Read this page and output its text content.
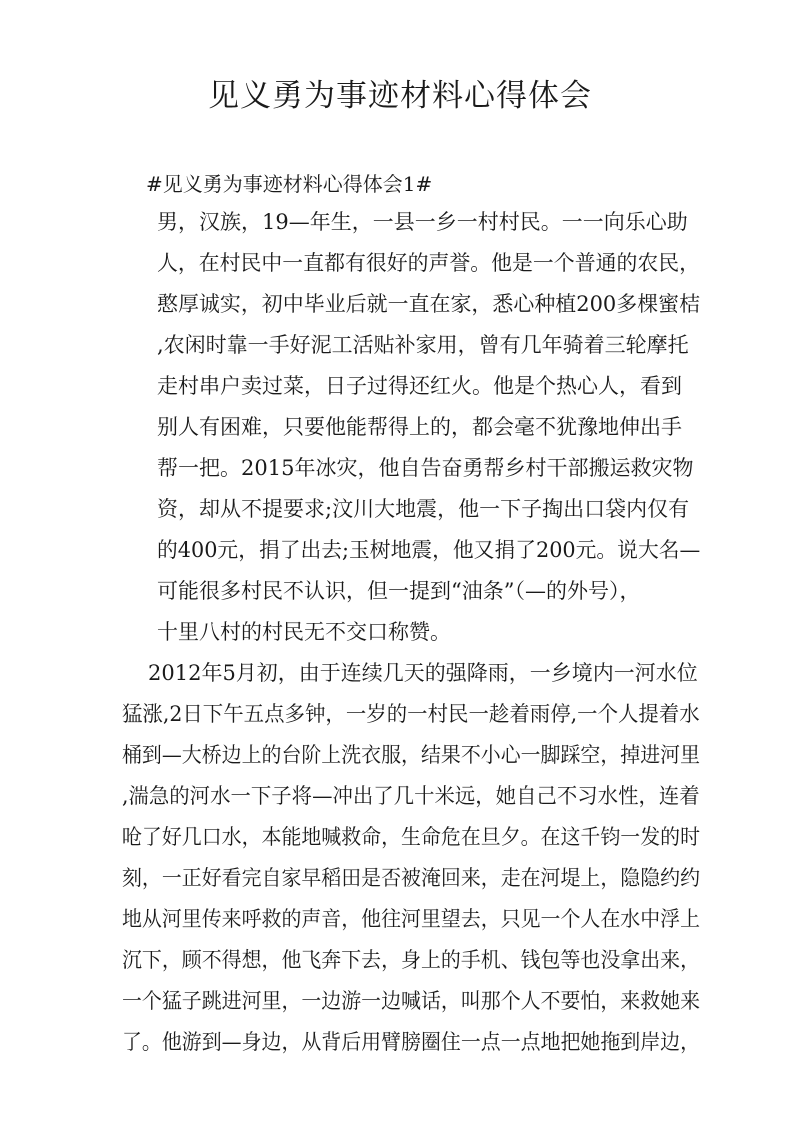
见义勇为事迹材料心得体会
#见义勇为事迹材料心得体会1#
男，汉族，19—年生，一县一乡一村村民。一一向乐心助
人，在村民中一直都有很好的声誉。他是一个普通的农民，
憨厚诚实，初中毕业后就一直在家，悉心种植200多棵蜜桔
,农闲时靠一手好泥工活贴补家用，曾有几年骑着三轮摩托
走村串户卖过菜，日子过得还红火。他是个热心人，看到
别人有困难，只要他能帮得上的，都会毫不犹豫地伸出手
帮一把。2015年冰灾，他自告奋勇帮乡村干部搬运救灾物
资，却从不提要求;汶川大地震，他一下子掏出口袋内仅有
的400元，捐了出去;玉树地震，他又捐了200元。说大名—
可能很多村民不认识，但一提到“油条”（—的外号），
十里八村的村民无不交口称赞。
2012年5月初，由于连续几天的强降雨，一乡境内一河水位
猛涨,2日下午五点多钟，一岁的一村民一趁着雨停,一个人提着水
桶到—大桥边上的台阶上洗衣服，结果不小心一脚踩空，掉进河里
,湍急的河水一下子将—冲出了几十米远，她自己不习水性，连着
呛了好几口水，本能地喊救命，生命危在旦夕。在这千钧一发的时
刻，一正好看完自家早稻田是否被淹回来，走在河堤上，隐隐约约
地从河里传来呼救的声音，他往河里望去，只见一个人在水中浮上
沉下，顾不得想，他飞奔下去，身上的手机、钱包等也没拿出来，
一个猛子跳进河里，一边游一边喊话，叫那个人不要怕，来救她来
了。他游到—身边，从背后用臂膀圈住一点一点地把她拖到岸边，
